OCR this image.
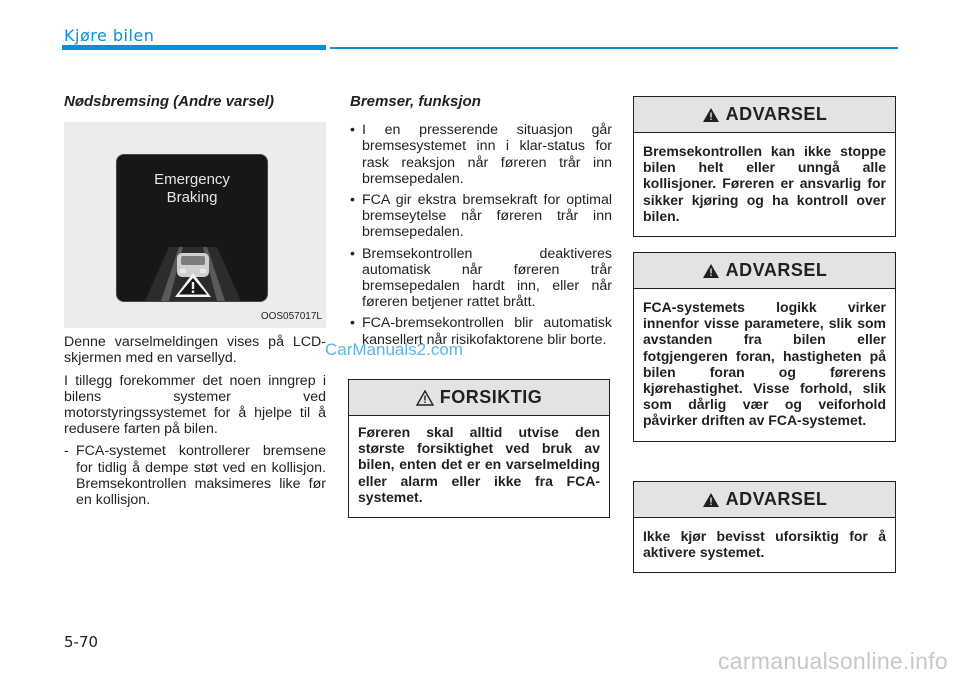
Kjøre bilen
Nødsbremsing (Andre varsel)
Emergency
Braking
OOS057017L

Denne varselmeldingen vises på LCD-skjermen med en varsellyd.

I tillegg forekommer det noen inngrep i bilens systemer ved motorstyringssystemet for å hjelpe til å redusere farten på bilen.

- FCA-systemet kontrollerer bremsene for tidlig å dempe støt ved en kollisjon. Bremsekontrollen maksimeres like før en kollisjon.
Bremser, funksjon
• I en presserende situasjon går bremsesystemet inn i klar-status for rask reaksjon når føreren trår inn bremsepedalen.
• FCA gir ekstra bremsekraft for optimal bremseytelse når føreren trår inn bremsepedalen.
• Bremsekontrollen deaktiveres automatisk når føreren trår bremsepedalen hardt inn, eller når føreren betjener rattet brått.
• FCA-bremsekontrollen blir automatisk kansellert når risikofaktorene blir borte.
FORSIKTIG
Føreren skal alltid utvise den største forsiktighet ved bruk av bilen, enten det er en varselmelding eller alarm eller ikke fra FCA-systemet.
ADVARSEL
Bremsekontrollen kan ikke stoppe bilen helt eller unngå alle kollisjoner. Føreren er ansvarlig for sikker kjøring og ha kontroll over bilen.
ADVARSEL
FCA-systemets logikk virker innenfor visse parametere, slik som avstanden fra bilen eller fotgjengeren foran, hastigheten på bilen foran og førerens kjørehastighet. Visse forhold, slik som dårlig vær og veiforhold påvirker driften av FCA-systemet.
ADVARSEL
Ikke kjør bevisst uforsiktig for å aktivere systemet.
5-70
CarManuals2.com
carmanualsonline.info
